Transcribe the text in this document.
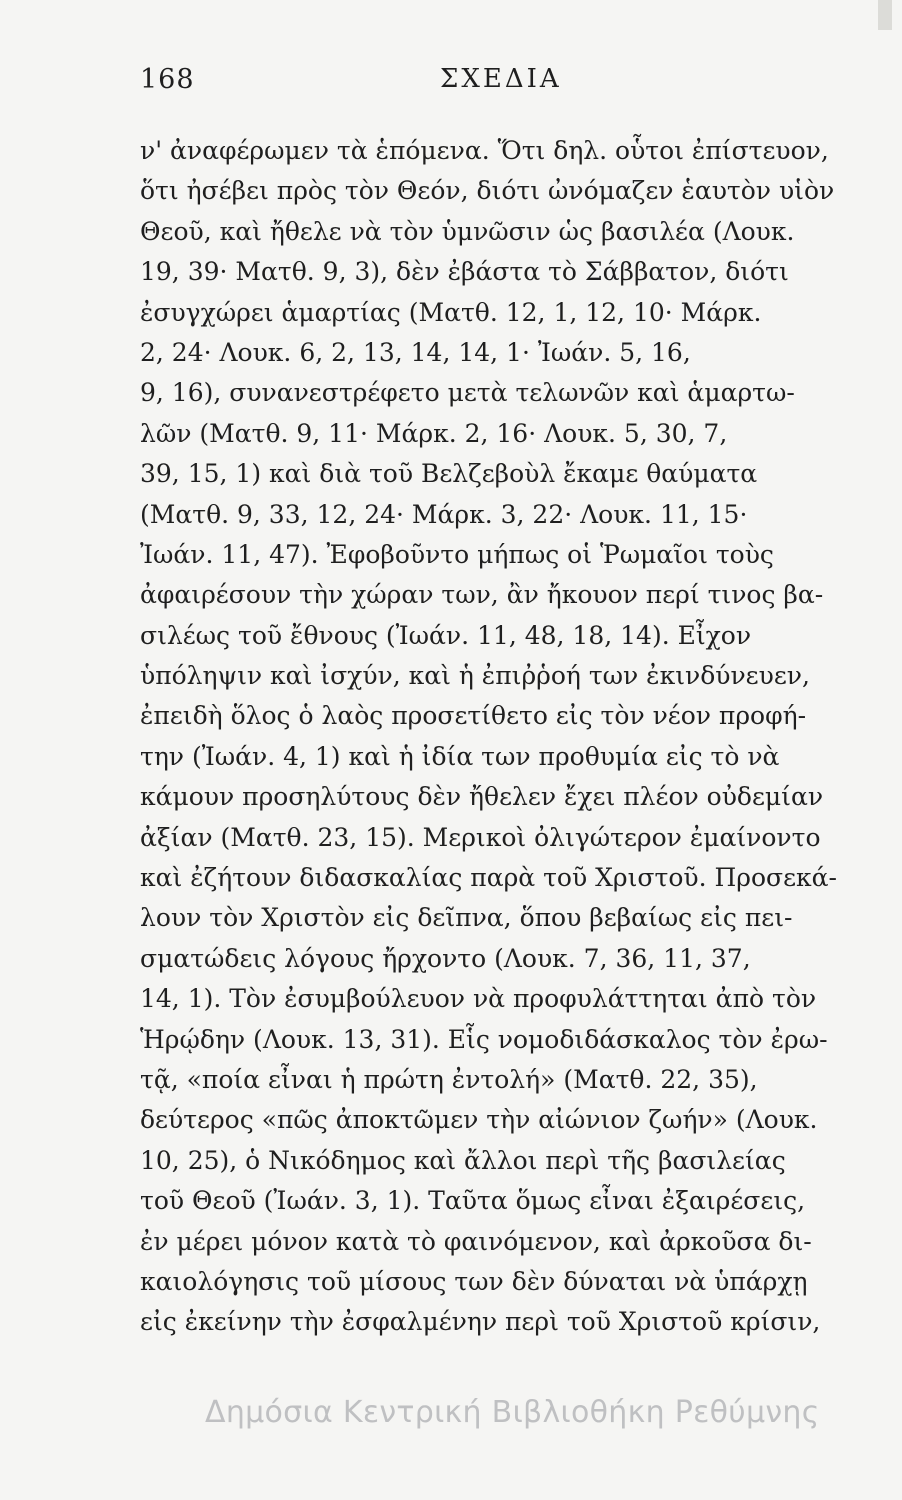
168	ΣΧΕΔΙΑ
ν' ἀναφέρωμεν τὰ ἑπόμενα. Ὅτι δηλ. οὗτοι ἐπίστευον,
ὅτι ἠσέβει πρὸς τὸν Θεόν, διότι ὠνόμαζεν ἑαυτὸν υἱὸν
Θεοῦ, καὶ ἤθελε νὰ τὸν ὑμνῶσιν ὡς βασιλέα (Λουκ.
19, 39· Ματθ. 9, 3), δὲν ἐβάστα τὸ Σάββατον, διότι
ἐσυγχώρει ἁμαρτίας (Ματθ. 12, 1, 12, 10· Μάρκ.
2, 24· Λουκ. 6, 2, 13, 14, 14, 1· Ἰωάν. 5, 16,
9, 16), συνανεστρέφετο μετὰ τελωνῶν καὶ ἁμαρτω-
λῶν (Ματθ. 9, 11· Μάρκ. 2, 16· Λουκ. 5, 30, 7,
39, 15, 1) καὶ διὰ τοῦ Βελζεβοὺλ ἔκαμε θαύματα
(Ματθ. 9, 33, 12, 24· Μάρκ. 3, 22· Λουκ. 11, 15·
Ἰωάν. 11, 47). Ἐφοβοῦντο μήπως οἱ Ῥωμαῖοι τοὺς
ἀφαιρέσουν τὴν χώραν των, ἂν ἤκουον περί τινος βα-
σιλέως τοῦ ἔθνους (Ἰωάν. 11, 48, 18, 14). Εἶχον
ὑπόληψιν καὶ ἰσχύν, καὶ ἡ ἐπιῤῥοή των ἐκινδύνευεν,
ἐπειδὴ ὅλος ὁ λαὸς προσετίθετο εἰς τὸν νέον προφή-
την (Ἰωάν. 4, 1) καὶ ἡ ἰδία των προθυμία εἰς τὸ νὰ
κάμουν προσηλύτους δὲν ἤθελεν ἔχει πλέον οὐδεμίαν
ἀξίαν (Ματθ. 23, 15). Μερικοὶ ὀλιγώτερον ἐμαίνοντο
καὶ ἐζήτουν διδασκαλίας παρὰ τοῦ Χριστοῦ. Προσεκά-
λουν τὸν Χριστὸν εἰς δεῖπνα, ὅπου βεβαίως εἰς πει-
σματώδεις λόγους ἤρχοντο (Λουκ. 7, 36, 11, 37,
14, 1). Τὸν ἐσυμβούλευον νὰ προφυλάττηται ἀπὸ τὸν
Ἡρῴδην (Λουκ. 13, 31). Εἷς νομοδιδάσκαλος τὸν ἐρω-
τᾷ, «ποία εἶναι ἡ πρώτη ἐντολή» (Ματθ. 22, 35),
δεύτερος «πῶς ἀποκτῶμεν τὴν αἰώνιον ζωήν» (Λουκ.
10, 25), ὁ Νικόδημος καὶ ἄλλοι περὶ τῆς βασιλείας
τοῦ Θεοῦ (Ἰωάν. 3, 1). Ταῦτα ὅμως εἶναι ἐξαιρέσεις,
ἐν μέρει μόνον κατὰ τὸ φαινόμενον, καὶ ἀρκοῦσα δι-
καιολόγησις τοῦ μίσους των δὲν δύναται νὰ ὑπάρχῃ
εἰς ἐκείνην τὴν ἐσφαλμένην περὶ τοῦ Χριστοῦ κρίσιν,
Δημόσια Κεντρική Βιβλιοθήκη Ρεθύμνης
